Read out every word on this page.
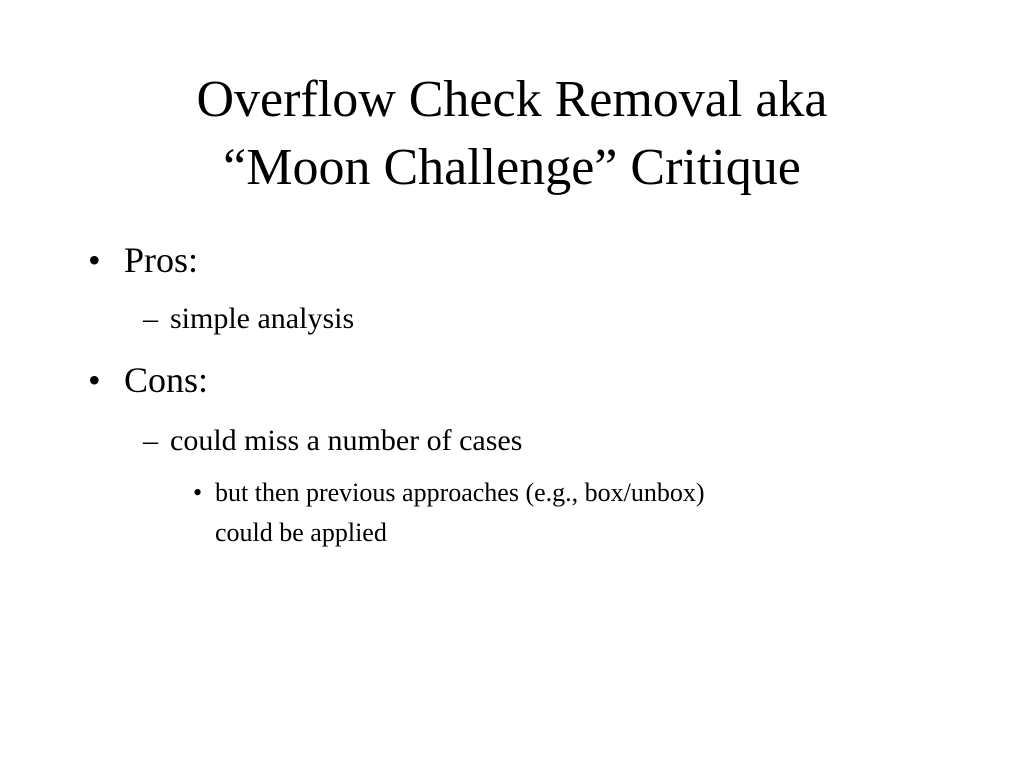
Overflow Check Removal aka
“Moon Challenge” Critique
• Pros:
– simple analysis
• Cons:
– could miss a number of cases
• but then previous approaches (e.g., box/unbox)
could be applied
